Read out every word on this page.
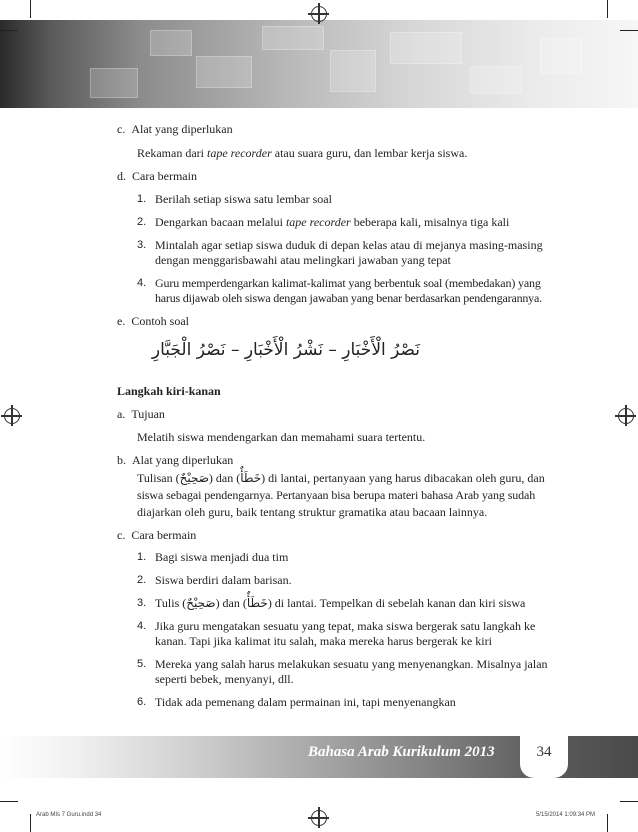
c. Alat yang diperlukan
Rekaman dari tape recorder atau suara guru, dan lembar kerja siswa.
d. Cara bermain
1. Berilah setiap siswa satu lembar soal
2. Dengarkan bacaan melalui tape recorder beberapa kali, misalnya tiga kali
3. Mintalah agar setiap siswa duduk di depan kelas atau di mejanya masing-masing
dengan menggarisbawahi atau melingkari jawaban yang tepat
4. Guru memperdengarkan kalimat-kalimat yang berbentuk soal (membedakan) yang
harus dijawab oleh siswa dengan jawaban yang benar berdasarkan pendengarannya.
e. Contoh soal
نَصْرُ الْأَخْبَارِ – نَشْرُ الْأَخْبَارِ – نَصْرُ الْجَبَّارِ
Langkah kiri-kanan
a. Tujuan
Melatih siswa mendengarkan dan memahami suara tertentu.
b. Alat yang diperlukan
Tulisan (صَحِيْحٌ) dan (خَطَأٌ) di lantai, pertanyaan yang harus dibacakan oleh guru, dan
siswa sebagai pendengarnya. Pertanyaan bisa berupa materi bahasa Arab yang sudah
diajarkan oleh guru, baik tentang struktur gramatika atau bacaan lainnya.
c. Cara bermain
1. Bagi siswa menjadi dua tim
2. Siswa berdiri dalam barisan.
3. Tulis (صَحِيْحٌ) dan (خَطَأٌ) di lantai. Tempelkan di sebelah kanan dan kiri siswa
4. Jika guru mengatakan sesuatu yang tepat, maka siswa bergerak satu langkah ke
kanan. Tapi jika kalimat itu salah, maka mereka harus bergerak ke kiri
5. Mereka yang salah harus melakukan sesuatu yang menyenangkan. Misalnya jalan
seperti bebek, menyanyi, dll.
6. Tidak ada pemenang dalam permainan ini, tapi menyenangkan
Bahasa Arab Kurikulum 2013	34
Arab MIs 7 Guru.indd 34	5/15/2014 1:09:34 PM
